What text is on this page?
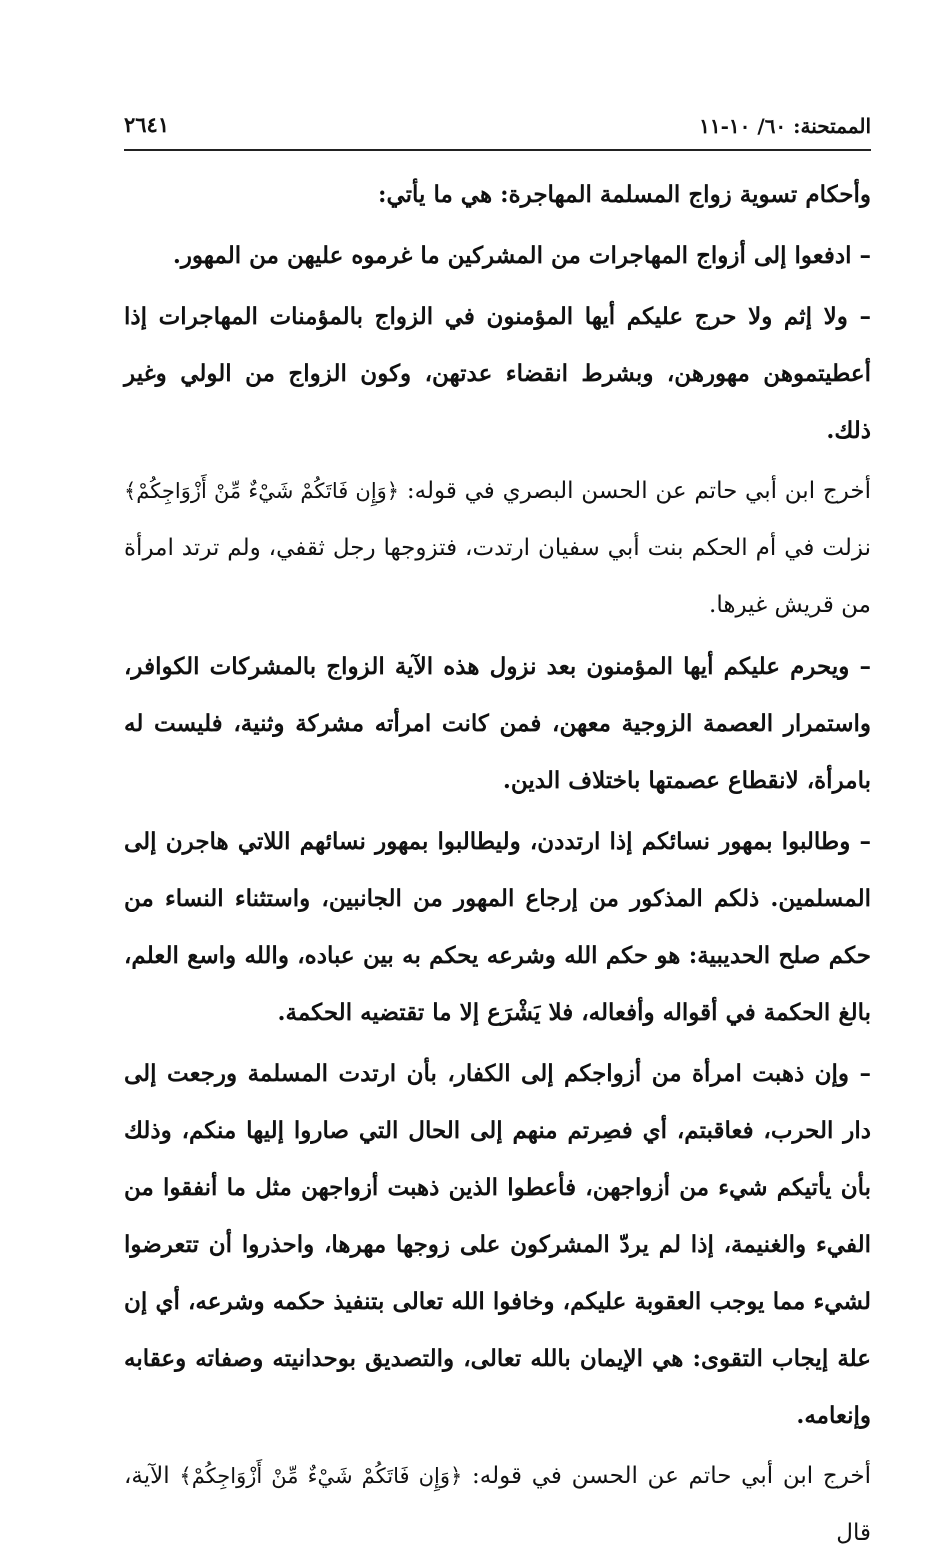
الممتحنة: ٦٠/ ١٠-١١
٢٦٤١

وأحكام تسوية زواج المسلمة المهاجرة: هي ما يأتي:

– ادفعوا إلى أزواج المهاجرات من المشركين ما غرموه عليهن من المهور.

– ولا إثم ولا حرج عليكم أيها المؤمنون في الزواج بالمؤمنات المهاجرات إذا أعطيتموهن مهورهن، وبشرط انقضاء عدتهن، وكون الزواج من الولي وغير ذلك.

أخرج ابن أبي حاتم عن الحسن البصري في قوله: ﴿وَإِن فَاتَكُمْ شَيْءٌ مِّنْ أَزْوَاجِكُمْ﴾ نزلت في أم الحكم بنت أبي سفيان ارتدت، فتزوجها رجل ثقفي، ولم ترتد امرأة من قريش غيرها.

– ويحرم عليكم أيها المؤمنون بعد نزول هذه الآية الزواج بالمشركات الكوافر، واستمرار العصمة الزوجية معهن، فمن كانت امرأته مشركة وثنية، فليست له بامرأة، لانقطاع عصمتها باختلاف الدين.

– وطالبوا بمهور نسائكم إذا ارتددن، وليطالبوا بمهور نسائهم اللاتي هاجرن إلى المسلمين. ذلكم المذكور من إرجاع المهور من الجانبين، واستثناء النساء من حكم صلح الحديبية: هو حكم الله وشرعه يحكم به بين عباده، والله واسع العلم، بالغ الحكمة في أقواله وأفعاله، فلا يَشْرَع إلا ما تقتضيه الحكمة.

– وإن ذهبت امرأة من أزواجكم إلى الكفار، بأن ارتدت المسلمة ورجعت إلى دار الحرب، فعاقبتم، أي فصِرتم منهم إلى الحال التي صاروا إليها منكم، وذلك بأن يأتيكم شيء من أزواجهن، فأعطوا الذين ذهبت أزواجهن مثل ما أنفقوا من الفيء والغنيمة، إذا لم يردّ المشركون على زوجها مهرها، واحذروا أن تتعرضوا لشيء مما يوجب العقوبة عليكم، وخافوا الله تعالى بتنفيذ حكمه وشرعه، أي إن علة إيجاب التقوى: هي الإيمان بالله تعالى، والتصديق بوحدانيته وصفاته وعقابه وإنعامه.

أخرج ابن أبي حاتم عن الحسن في قوله: ﴿وَإِن فَاتَكُمْ شَيْءٌ مِّنْ أَزْوَاجِكُمْ﴾ الآية، قال
